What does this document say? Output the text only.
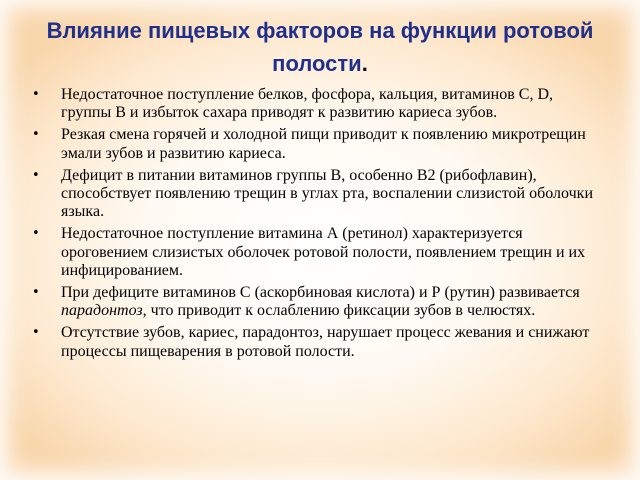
Влияние пищевых факторов на функции ротовой полости.
• Недостаточное поступление белков, фосфора, кальция, витаминов С, D, группы В и избыток сахара приводят к развитию кариеса зубов.
• Резкая смена горячей и холодной пищи приводит к появлению микротрещин эмали зубов и развитию кариеса.
• Дефицит в питании витаминов группы В, особенно В2 (рибофлавин), способствует появлению трещин в углах рта, воспалении слизистой оболочки языка.
• Недостаточное поступление витамина А (ретинол) характеризуется ороговением слизистых оболочек ротовой полости, появлением трещин и их инфицированием.
• При дефиците витаминов С (аскорбиновая кислота) и Р (рутин) развивается парадонтоз, что приводит к ослаблению фиксации зубов в челюстях.
• Отсутствие зубов, кариес, парадонтоз, нарушает процесс жевания и снижают процессы пищеварения в ротовой полости.
